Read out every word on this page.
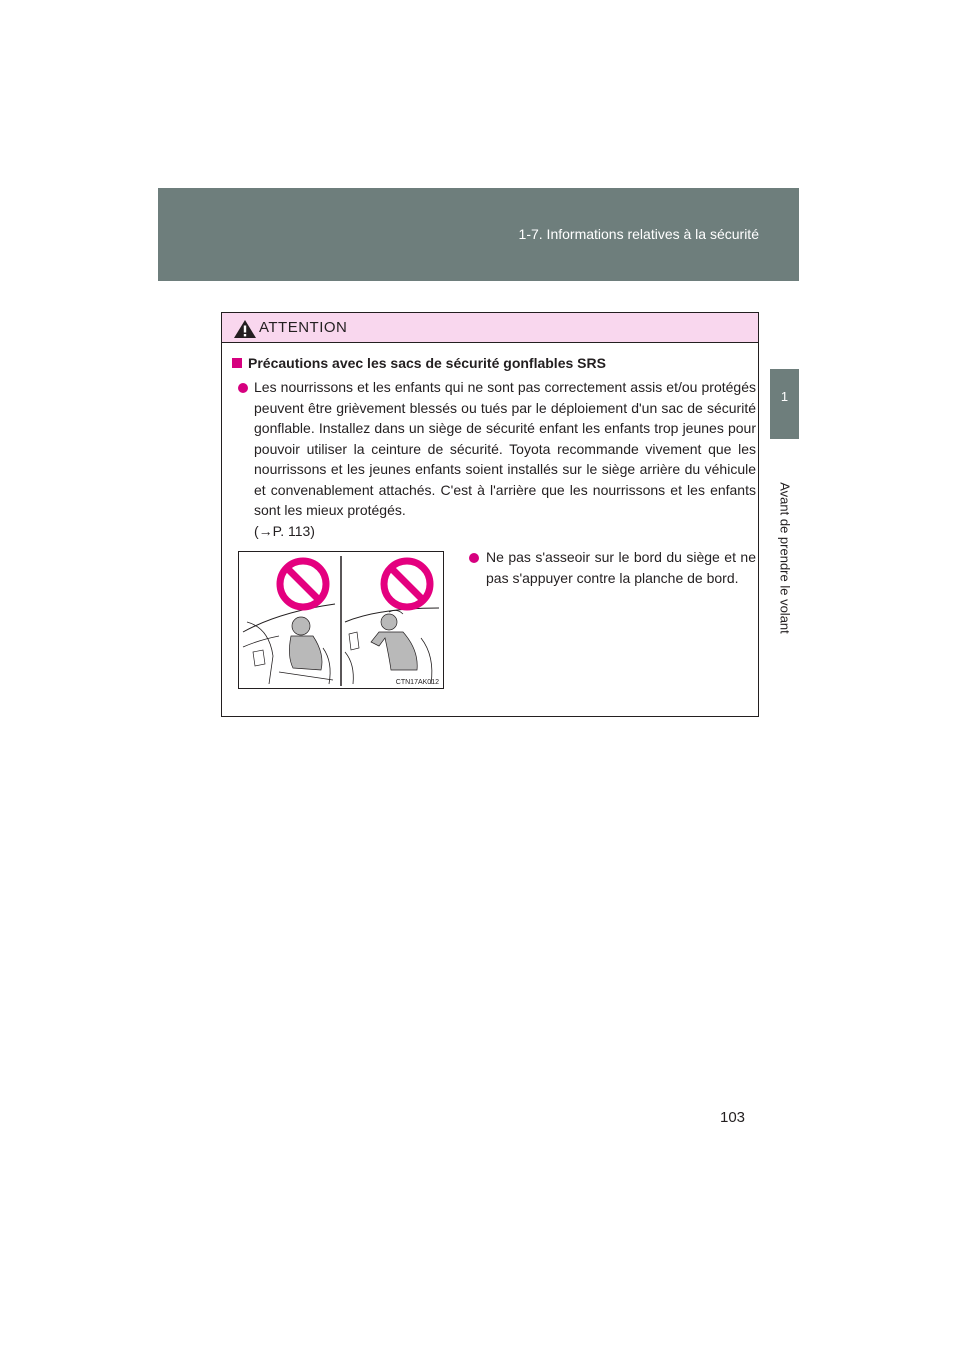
1-7. Informations relatives à la sécurité
1
Avant de prendre le volant
ATTENTION
Précautions avec les sacs de sécurité gonflables SRS
Les nourrissons et les enfants qui ne sont pas correctement assis et/ou protégés peuvent être grièvement blessés ou tués par le déploiement d'un sac de sécurité gonflable. Installez dans un siège de sécurité enfant les enfants trop jeunes pour pouvoir utiliser la ceinture de sécurité. Toyota recommande vivement que les nourrissons et les jeunes enfants soient installés sur le siège arrière du véhicule et convenablement attachés. C'est à l'arrière que les nourrissons et les enfants sont les mieux protégés.
(→P. 113)
CTN17AK012
Ne pas s'asseoir sur le bord du siège et ne pas s'appuyer contre la planche de bord.
103
